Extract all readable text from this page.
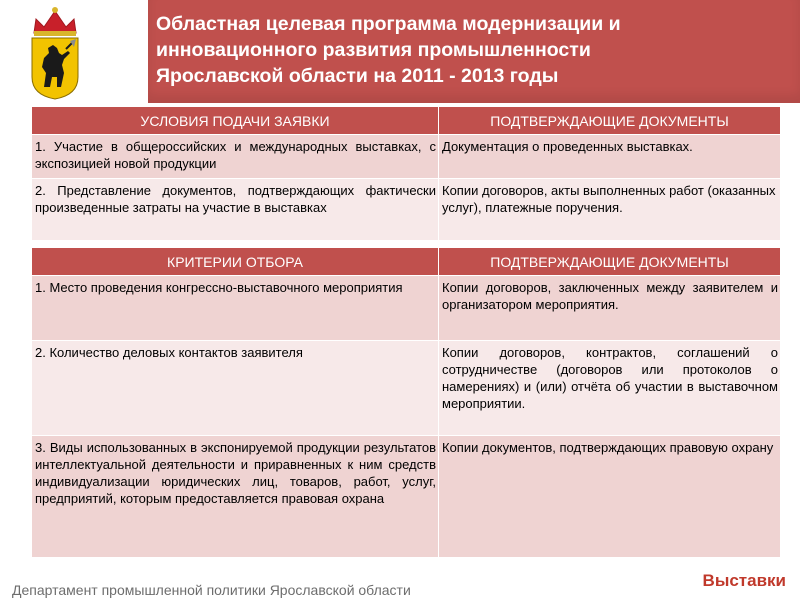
Областная целевая программа модернизации и
инновационного развития промышленности
Ярославской области на 2011 - 2013 годы
УСЛОВИЯ ПОДАЧИ ЗАЯВКИ	ПОДТВЕРЖДАЮЩИЕ ДОКУМЕНТЫ
1. Участие в общероссийских и международных выставках, с экспозицией новой продукции	Документация о проведенных выставках.
2. Представление документов, подтверждающих фактически произведенные затраты на участие в выставках	Копии договоров, акты выполненных работ (оказанных услуг), платежные поручения.
КРИТЕРИИ ОТБОРА	ПОДТВЕРЖДАЮЩИЕ ДОКУМЕНТЫ
1. Место проведения конгрессно-выставочного мероприятия	Копии договоров, заключенных между заявителем и организатором мероприятия.
2. Количество деловых контактов заявителя	Копии договоров, контрактов, соглашений о сотрудничестве (договоров или протоколов о намерениях) и (или) отчёта об участии в выставочном мероприятии.
3. Виды использованных в экспонируемой продукции результатов интеллектуальной деятельности и приравненных к ним средств индивидуализации юридических лиц, товаров, работ, услуг, предприятий, которым предоставляется правовая охрана	Копии документов, подтверждающих правовую охрану
Департамент промышленной политики Ярославской области	Выставки
